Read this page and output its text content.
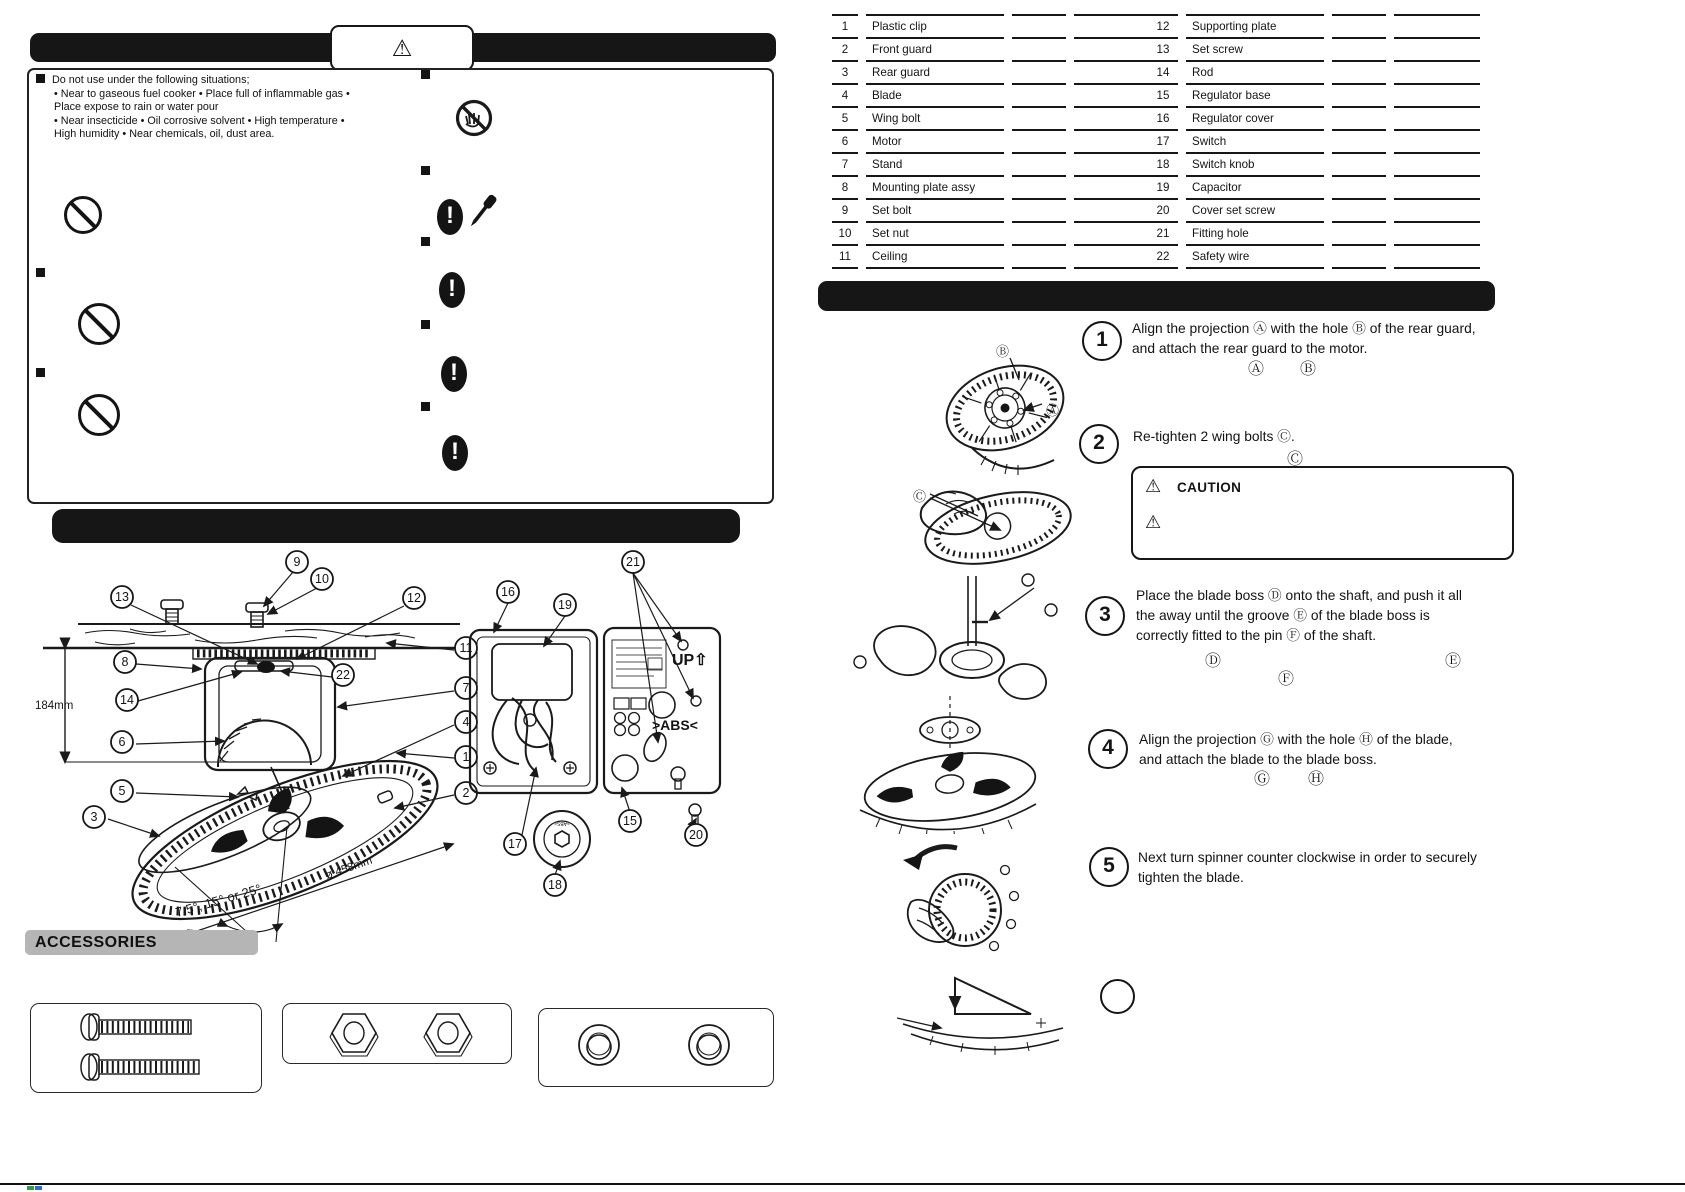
⚠
Do not use under the following situations;
• Near to gaseous fuel cooker • Place full of inflammable gas •
Place expose to rain or water pour
• Near insecticide • Oil corrosive solvent • High temperature •
High humidity • Near chemicals, oil, dust area.
!
!
!
!
184mm
ø 458mm
7.5°, 15° or 25°
9
10
13	12
11
8
22
7
14
4
6
1
5	2
3
UP⇧
>ABS<
>ABS<
16
19
21
17
15
20
18
ACCESSORIES
1	Plastic clip
2	Front guard
3	Rear guard
4	Blade
5	Wing bolt
6	Motor
7	Stand
8	Mounting plate assy
9	Set bolt
10	Set nut
11	Ceiling
12	Supporting plate
13	Set screw
14	Rod
15	Regulator base
16	Regulator cover
17	Switch
18	Switch knob
19	Capacitor
20	Cover set screw
21	Fitting hole
22	Safety wire
1
2
3
4
5
Align the projection Ⓐ with the hole Ⓑ of the rear guard,
and attach the rear guard to the motor.
Re-tighten 2 wing bolts Ⓒ.
⚠ CAUTION
⚠
Place the blade boss Ⓓ onto the shaft, and push it all
the away until the groove Ⓔ of the blade boss is
correctly fitted to the pin Ⓕ of the shaft.
Align the projection Ⓖ with the hole Ⓗ of the blade,
and attach the blade to the blade boss.
Next turn spinner counter clockwise in order to securely
tighten the blade.
Ⓐ Ⓑ
Ⓒ
Ⓓ	Ⓔ
Ⓕ
Ⓖ Ⓗ
Ⓑ
Ⓐ
Ⓒ
